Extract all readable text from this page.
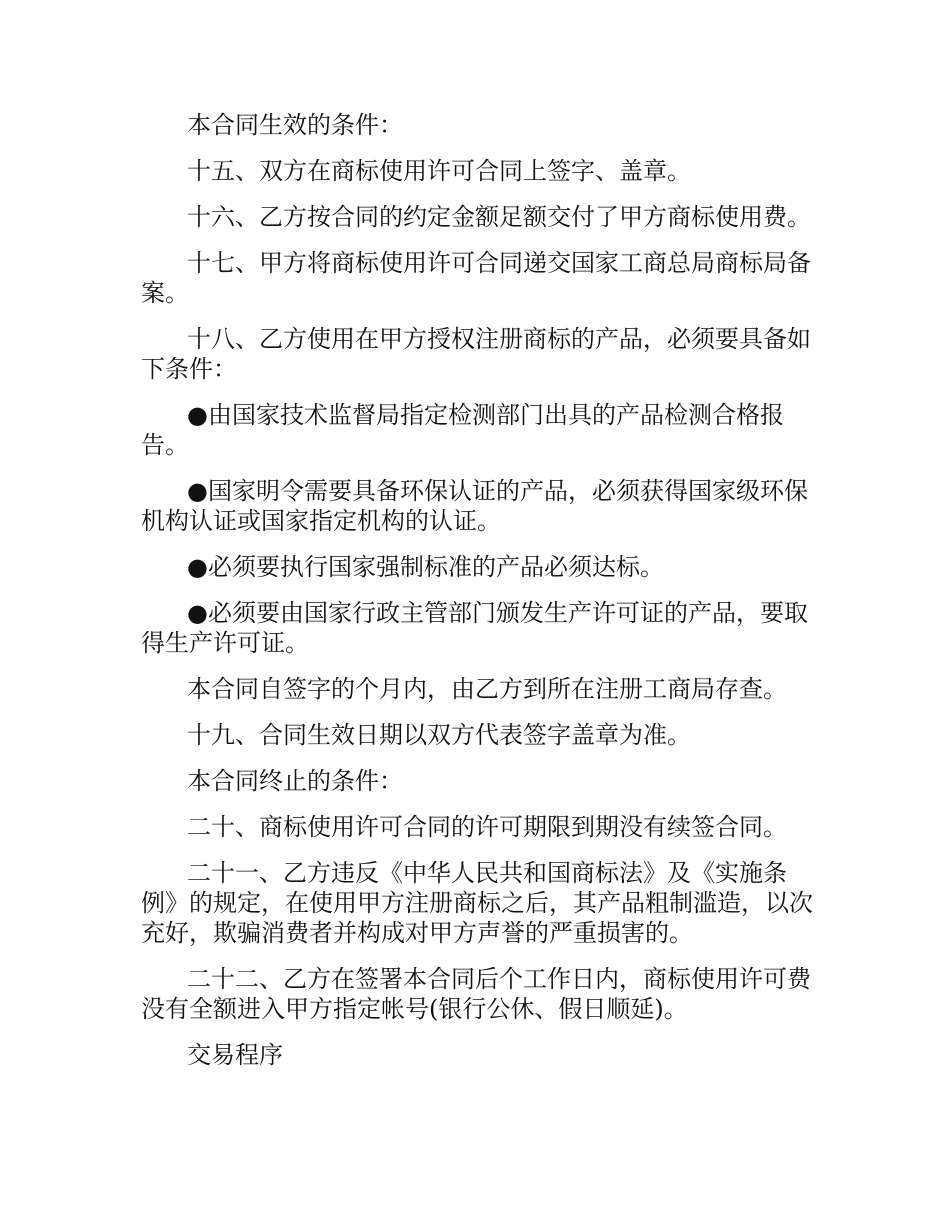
本合同生效的条件：

十五、双方在商标使用许可合同上签字、盖章。

十六、乙方按合同的约定金额足额交付了甲方商标使用费。

十七、甲方将商标使用许可合同递交国家工商总局商标局备案。

十八、乙方使用在甲方授权注册商标的产品，必须要具备如下条件：

●由国家技术监督局指定检测部门出具的产品检测合格报告。

●国家明令需要具备环保认证的产品，必须获得国家级环保机构认证或国家指定机构的认证。

●必须要执行国家强制标准的产品必须达标。

●必须要由国家行政主管部门颁发生产许可证的产品，要取得生产许可证。

本合同自签字的个月内，由乙方到所在注册工商局存查。

十九、合同生效日期以双方代表签字盖章为准。

本合同终止的条件：

二十、商标使用许可合同的许可期限到期没有续签合同。

二十一、乙方违反《中华人民共和国商标法》及《实施条例》的规定，在使用甲方注册商标之后，其产品粗制滥造，以次充好，欺骗消费者并构成对甲方声誉的严重损害的。

二十二、乙方在签署本合同后个工作日内，商标使用许可费没有全额进入甲方指定帐号(银行公休、假日顺延)。

交易程序
